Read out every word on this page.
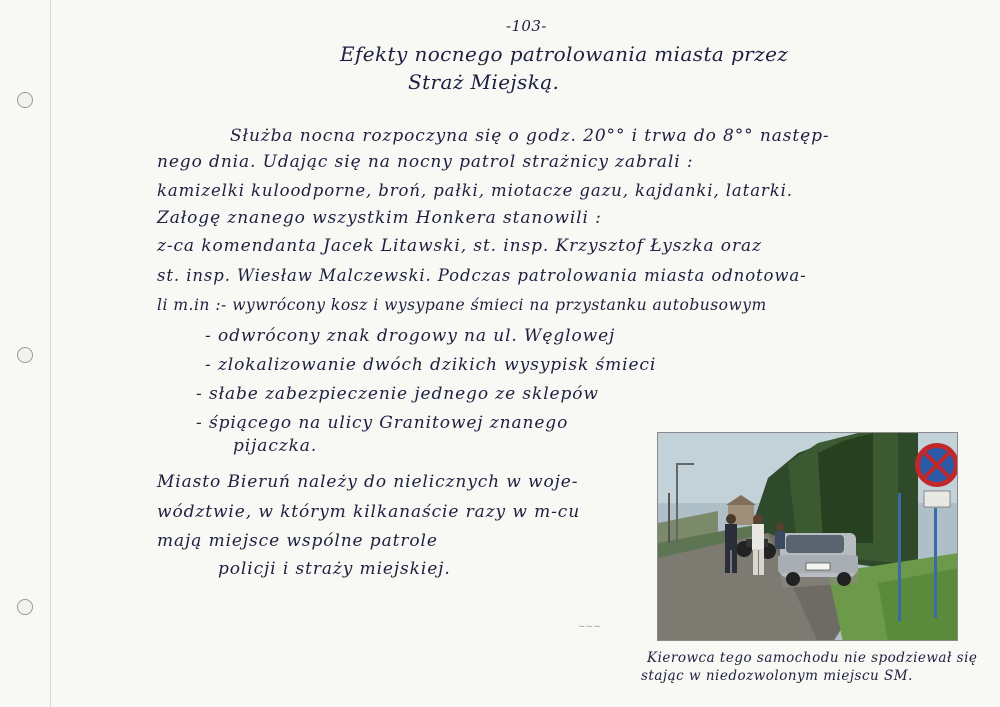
-103-
Efekty nocnego patrolowania miasta przez
Straż Miejską.
Służba nocna rozpoczyna się o godz. 20°° i trwa do 8°° następ-
nego dnia. Udając się na nocny patrol strażnicy zabrali :
kamizelki kuloodporne, broń, pałki, miotacze gazu, kajdanki, latarki.
Załogę znanego wszystkim Honkera stanowili :
z-ca komendanta Jacek Litawski, st. insp. Krzysztof Łyszka oraz
st. insp. Wiesław Malczewski. Podczas patrolowania miasta odnotowa-
li m.in :- wywrócony kosz i wysypane śmieci na przystanku autobusowym
- odwrócony znak drogowy na ul. Węglowej
- zlokalizowanie dwóch dzikich wysypisk śmieci
- słabe zabezpieczenie jednego ze sklepów
- śpiącego na ulicy Granitowej znanego
pijaczka.
Miasto Bieruń należy do nielicznych w woje-
wództwie, w którym kilkanaście razy w m-cu
mają miejsce wspólne patrole
policji i straży miejskiej.
~~~
Kierowca tego samochodu nie spodziewał się
stając w niedozwolonym miejscu SM.
